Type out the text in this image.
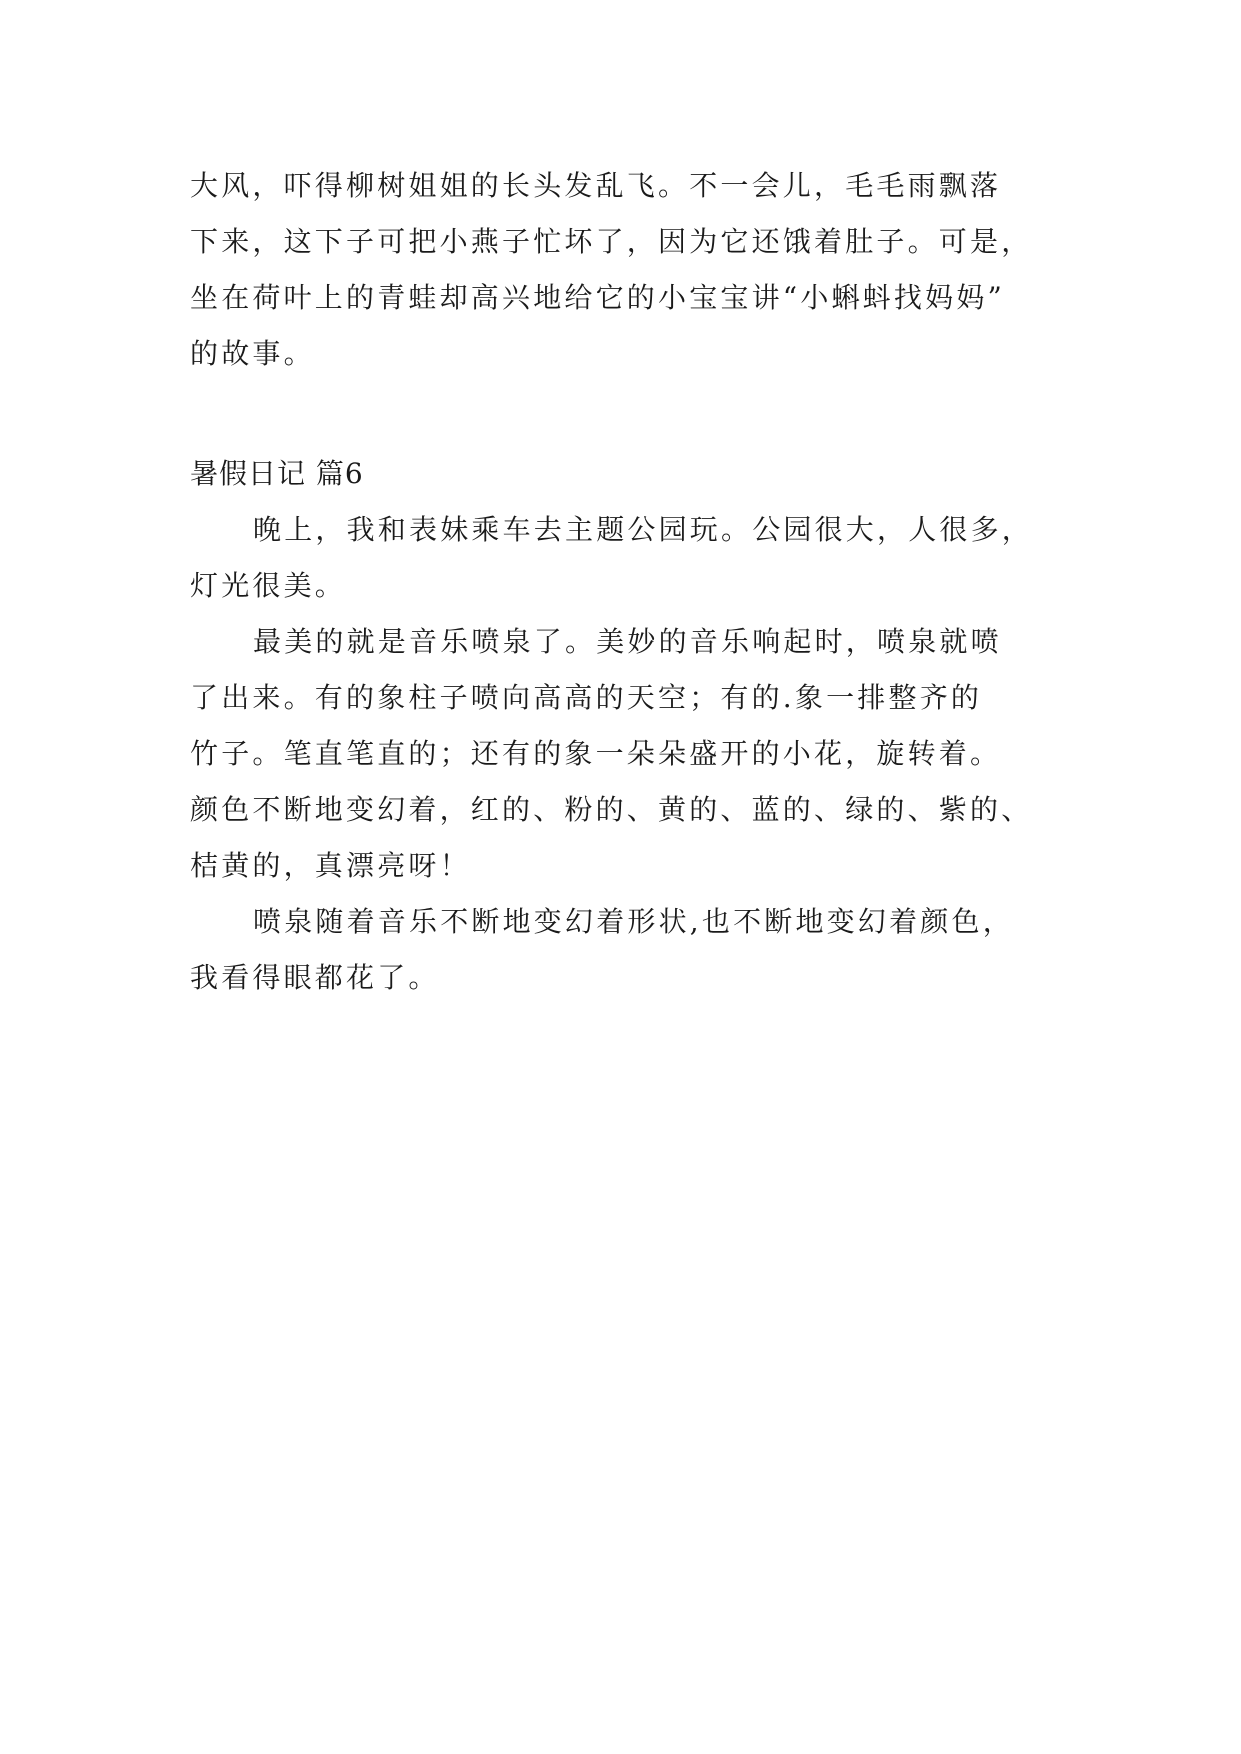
大风，吓得柳树姐姐的长头发乱飞。不一会儿，毛毛雨飘落
下来，这下子可把小燕子忙坏了，因为它还饿着肚子。可是，
坐在荷叶上的青蛙却高兴地给它的小宝宝讲“小蝌蚪找妈妈”
的故事。
暑假日记 篇6
晚上，我和表妹乘车去主题公园玩。公园很大，人很多，
灯光很美。
最美的就是音乐喷泉了。美妙的音乐响起时，喷泉就喷
了出来。有的象柱子喷向高高的天空；有的.象一排整齐的
竹子。笔直笔直的；还有的象一朵朵盛开的小花，旋转着。
颜色不断地变幻着，红的、粉的、黄的、蓝的、绿的、紫的、
桔黄的，真漂亮呀！
喷泉随着音乐不断地变幻着形状,也不断地变幻着颜色，
我看得眼都花了。
